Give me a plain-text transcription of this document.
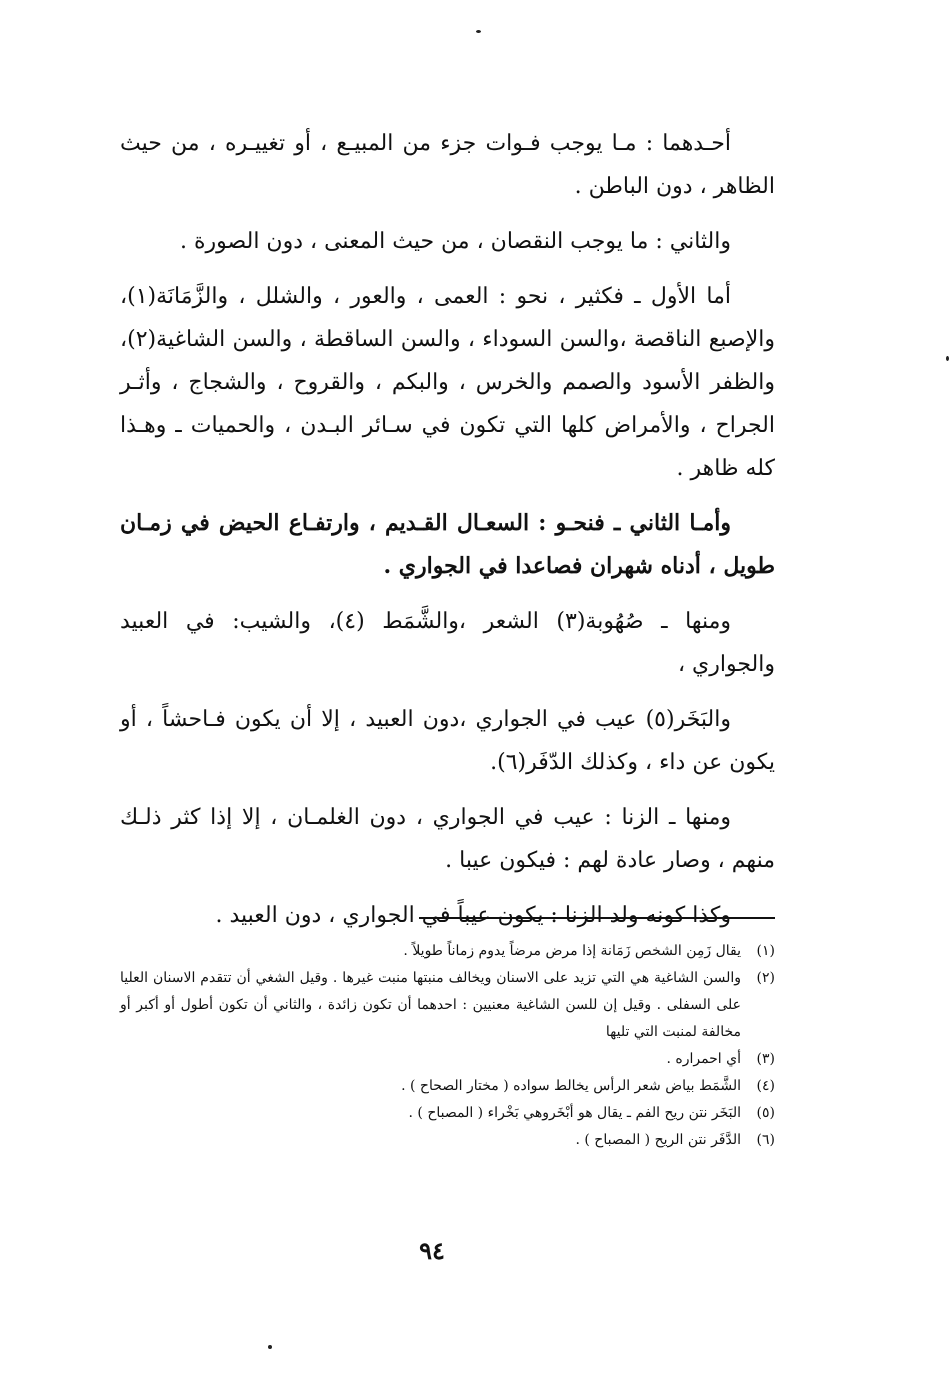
أحـدهما : مـا يوجب فـوات جزء من المبيـع ، أو تغييـره ، من حيث الظاهر ، دون الباطن .

والثاني : ما يوجب النقصان ، من حيث المعنى ، دون الصورة .

أما الأول ـ فكثير ، نحو : العمى ، والعور ، والشلل ، والزَّمَانَة(١)، والإصبع الناقصة ،والسن السوداء ، والسن الساقطة ، والسن الشاغية(٢)، والظفر الأسود والصمم والخرس ، والبكم ، والقروح ، والشجاج ، وأثـر الجراح ، والأمراض كلها التي تكون في سـائر البـدن ، والحميات ـ وهـذا كله ظاهر .

وأمـا الثاني ـ فنحـو : السعـال القـديم ، وارتفـاع الحيض في زمـان طويل ، أدناه شهران فصاعدا في الجواري .

ومنها ـ صُهُوبة(٣) الشعر ،والشَّمَط (٤)، والشيب: في العبيد والجواري ،

والبَخَر(٥) عيب في الجواري ،دون العبيد ، إلا أن يكون فـاحشاً ، أو يكون عن داء ، وكذلك الدّفَر(٦).

ومنها ـ الزنا : عيب في الجواري ، دون الغلمـان ، إلا إذا كثر ذلـك منهم ، وصار عادة لهم : فيكون عيبا .

وكذا كونه ولد الزنا : يكون عيباً في الجواري ، دون العبيد .

(١)
يقال زَمِن الشخص زَمَانة إذا مرض مرضاً يدوم زماناً طويلاً .
(٢)
والسن الشاغية هي التي تزيد على الاسنان ويخالف منبتها منبت غيرها . وقيل الشغي أن تتقدم الاسنان العليا على السفلى . وقيل إن للسن الشاغية معنيين : احدهما أن تكون زائدة ، والثاني أن تكون أطول أو أكبر أو مخالفة لمنبت التي تليها
(٣)
أي احمراره .
(٤)
الشَّمَط بياض شعر الرأس يخالط سواده ( مختار الصحاح ) .
(٥)
البَخَر نتن ريح الفم ـ يقال هو أبْخَروهي بَخْراء ( المصباح ) .
(٦)
الدَّفَر نتن الريح ( المصباح ) .
٩٤
